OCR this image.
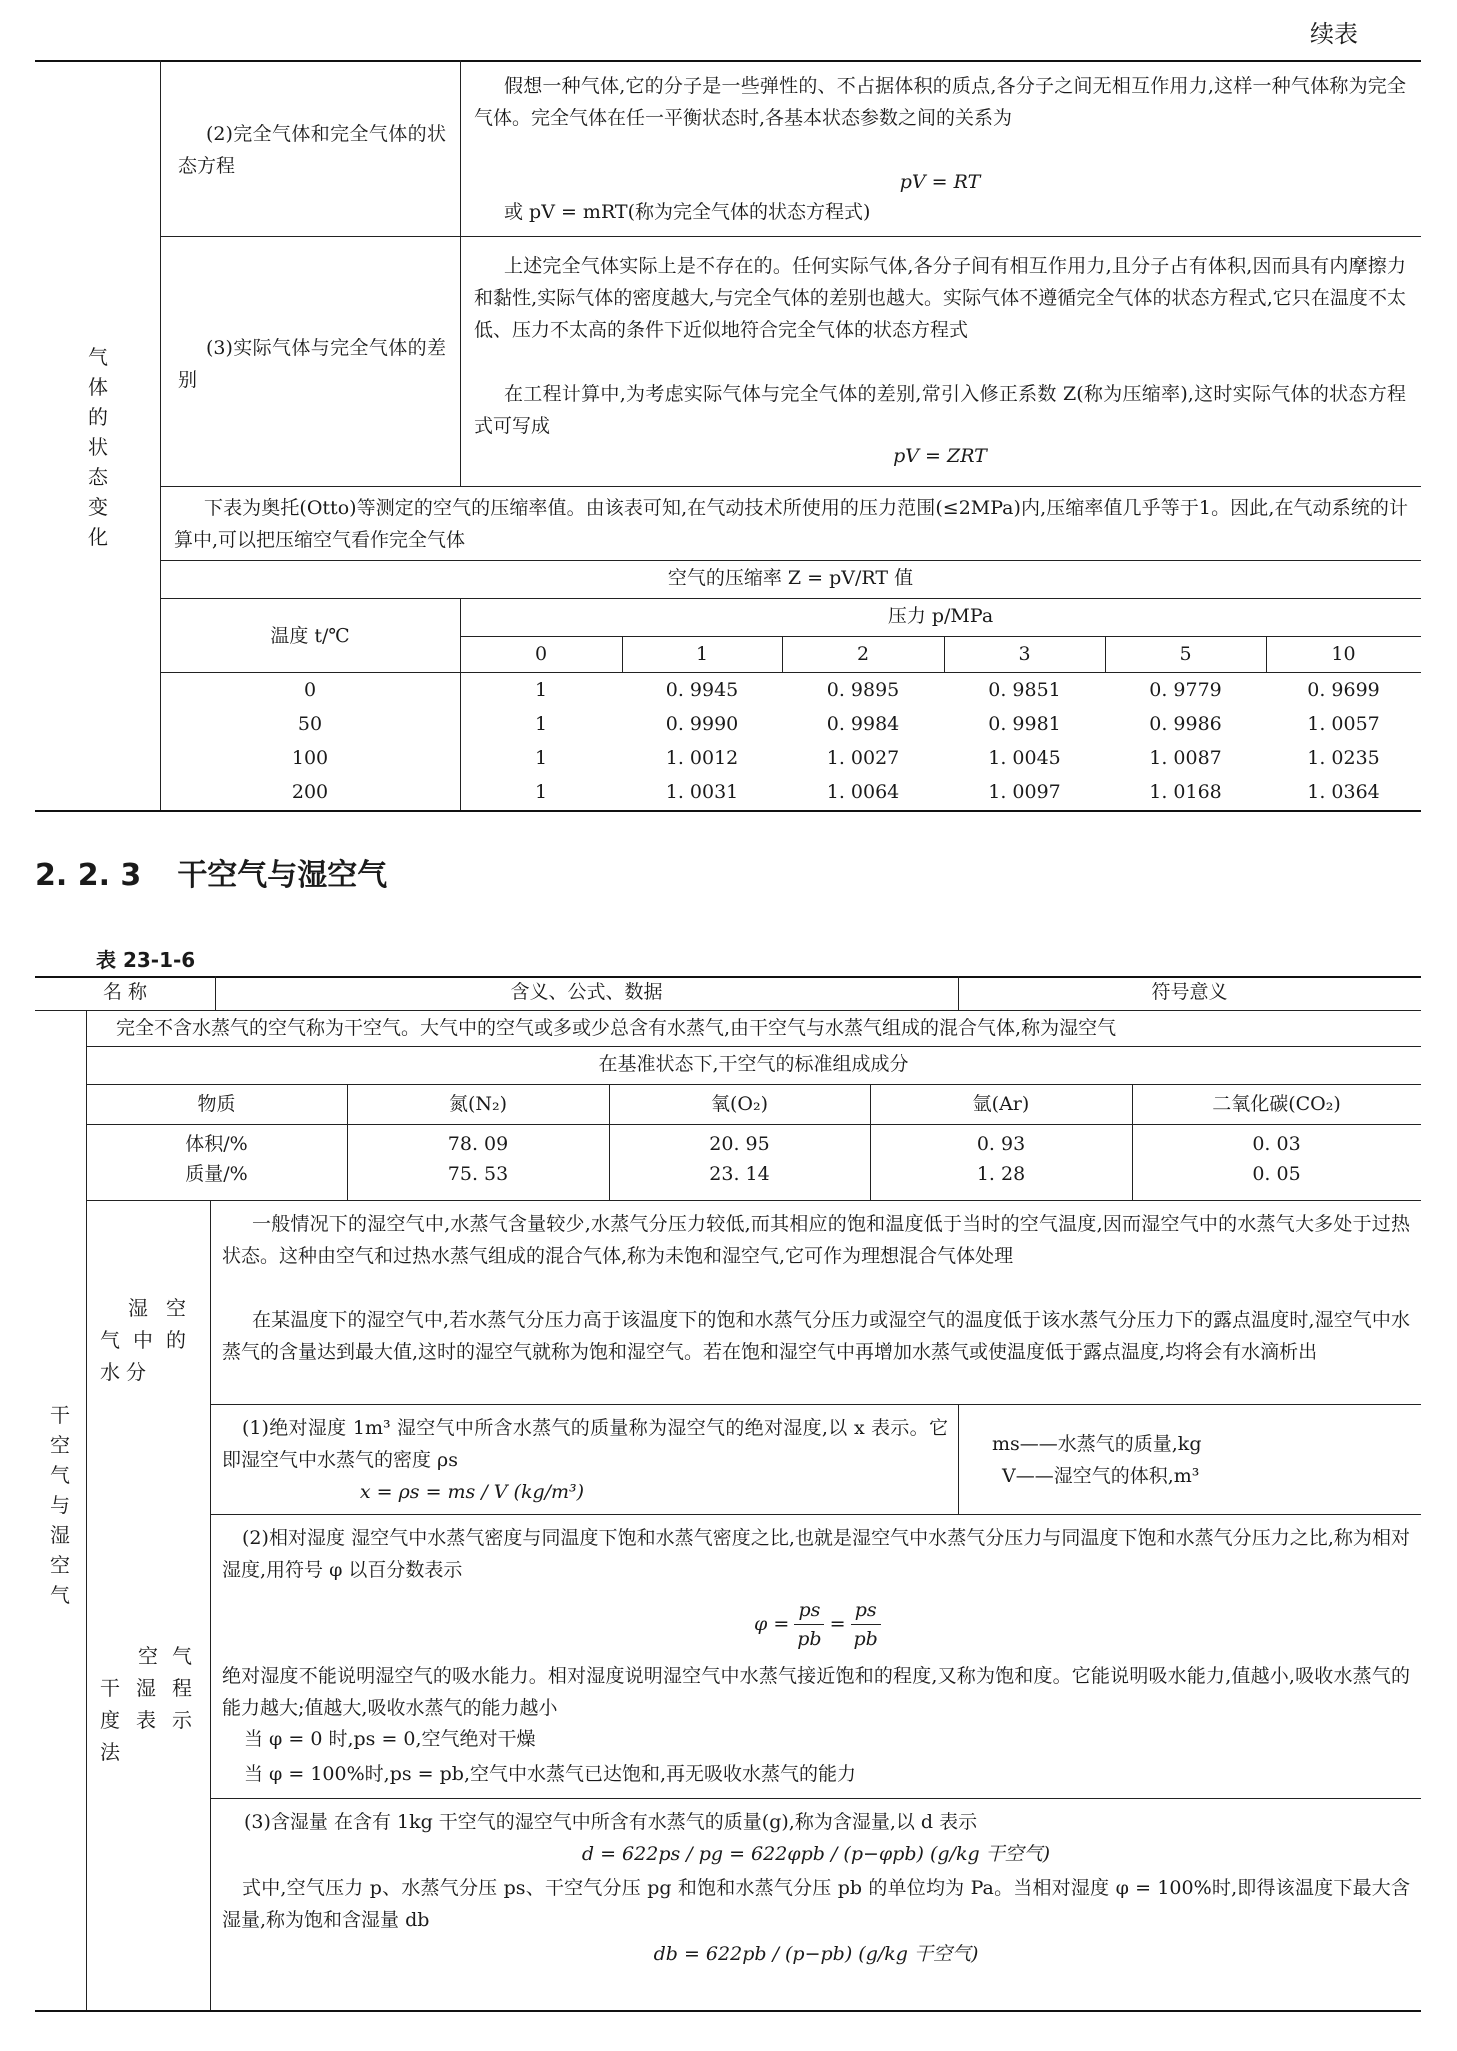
续表
气体的状态变化
(2)完全气体和完全气体的状态方程
假想一种气体,它的分子是一些弹性的、不占据体积的质点,各分子之间无相互作用力,这样一种气体称为完全气体。完全气体在任一平衡状态时,各基本状态参数之间的关系为
pV = RT
或 pV = mRT(称为完全气体的状态方程式)
(3)实际气体与完全气体的差别
上述完全气体实际上是不存在的。任何实际气体,各分子间有相互作用力,且分子占有体积,因而具有内摩擦力和黏性,实际气体的密度越大,与完全气体的差别也越大。实际气体不遵循完全气体的状态方程式,它只在温度不太低、压力不太高的条件下近似地符合完全气体的状态方程式
在工程计算中,为考虑实际气体与完全气体的差别,常引入修正系数 Z(称为压缩率),这时实际气体的状态方程式可写成
pV = ZRT
下表为奥托(Otto)等测定的空气的压缩率值。由该表可知,在气动技术所使用的压力范围(≤2MPa)内,压缩率值几乎等于1。因此,在气动系统的计算中,可以把压缩空气看作完全气体
空气的压缩率 Z = pV/RT 值
温度 t/℃
压力 p/MPa
0	1	2	3	5	10
0	1	0. 9945	0. 9895	0. 9851	0. 9779	0. 9699
50	1	0. 9990	0. 9984	0. 9981	0. 9986	1. 0057
100	1	1. 0012	1. 0027	1. 0045	1. 0087	1. 0235
200	1	1. 0031	1. 0064	1. 0097	1. 0168	1. 0364
2. 2. 3 干空气与湿空气
表 23-1-6
名 称	含义、公式、数据	符号意义
完全不含水蒸气的空气称为干空气。大气中的空气或多或少总含有水蒸气,由干空气与水蒸气组成的混合气体,称为湿空气
在基准状态下,干空气的标准组成成分
物质	氮(N₂)	氧(O₂)	氩(Ar)	二氧化碳(CO₂)
体积/%	78. 09	20. 95	0. 93	0. 03
质量/%	75. 53	23. 14	1. 28	0. 05
干空气与湿空气
湿空气中的水分
一般情况下的湿空气中,水蒸气含量较少,水蒸气分压力较低,而其相应的饱和温度低于当时的空气温度,因而湿空气中的水蒸气大多处于过热状态。这种由空气和过热水蒸气组成的混合气体,称为未饱和湿空气,它可作为理想混合气体处理
在某温度下的湿空气中,若水蒸气分压力高于该温度下的饱和水蒸气分压力或湿空气的温度低于该水蒸气分压力下的露点温度时,湿空气中水蒸气的含量达到最大值,这时的湿空气就称为饱和湿空气。若在饱和湿空气中再增加水蒸气或使温度低于露点温度,均将会有水滴析出
(1)绝对湿度 1m³ 湿空气中所含水蒸气的质量称为湿空气的绝对湿度,以 x 表示。它即湿空气中水蒸气的密度 ρs
x = ρs = ms / V (kg/m³)
ms——水蒸气的质量,kg
V——湿空气的体积,m³
空气干湿程度表示法
(2)相对湿度 湿空气中水蒸气密度与同温度下饱和水蒸气密度之比,也就是湿空气中水蒸气分压力与同温度下饱和水蒸气分压力之比,称为相对湿度,用符号 φ 以百分数表示
$\varphi = \frac{ps}{pb} = \frac{ps}{pb}$
绝对湿度不能说明湿空气的吸水能力。相对湿度说明湿空气中水蒸气接近饱和的程度,又称为饱和度。它能说明吸水能力,值越小,吸收水蒸气的能力越大;值越大,吸收水蒸气的能力越小
当 φ = 0 时,ps = 0,空气绝对干燥
当 φ = 100%时,ps = pb,空气中水蒸气已达饱和,再无吸收水蒸气的能力
(3)含湿量 在含有 1kg 干空气的湿空气中所含有水蒸气的质量(g),称为含湿量,以 d 表示
d = 622ps / pg = 622φpb / (p−φpb) (g/kg 干空气)
式中,空气压力 p、水蒸气分压 ps、干空气分压 pg 和饱和水蒸气分压 pb 的单位均为 Pa。当相对湿度 φ = 100%时,即得该温度下最大含湿量,称为饱和含湿量 db
db = 622pb / (p−pb) (g/kg 干空气)
